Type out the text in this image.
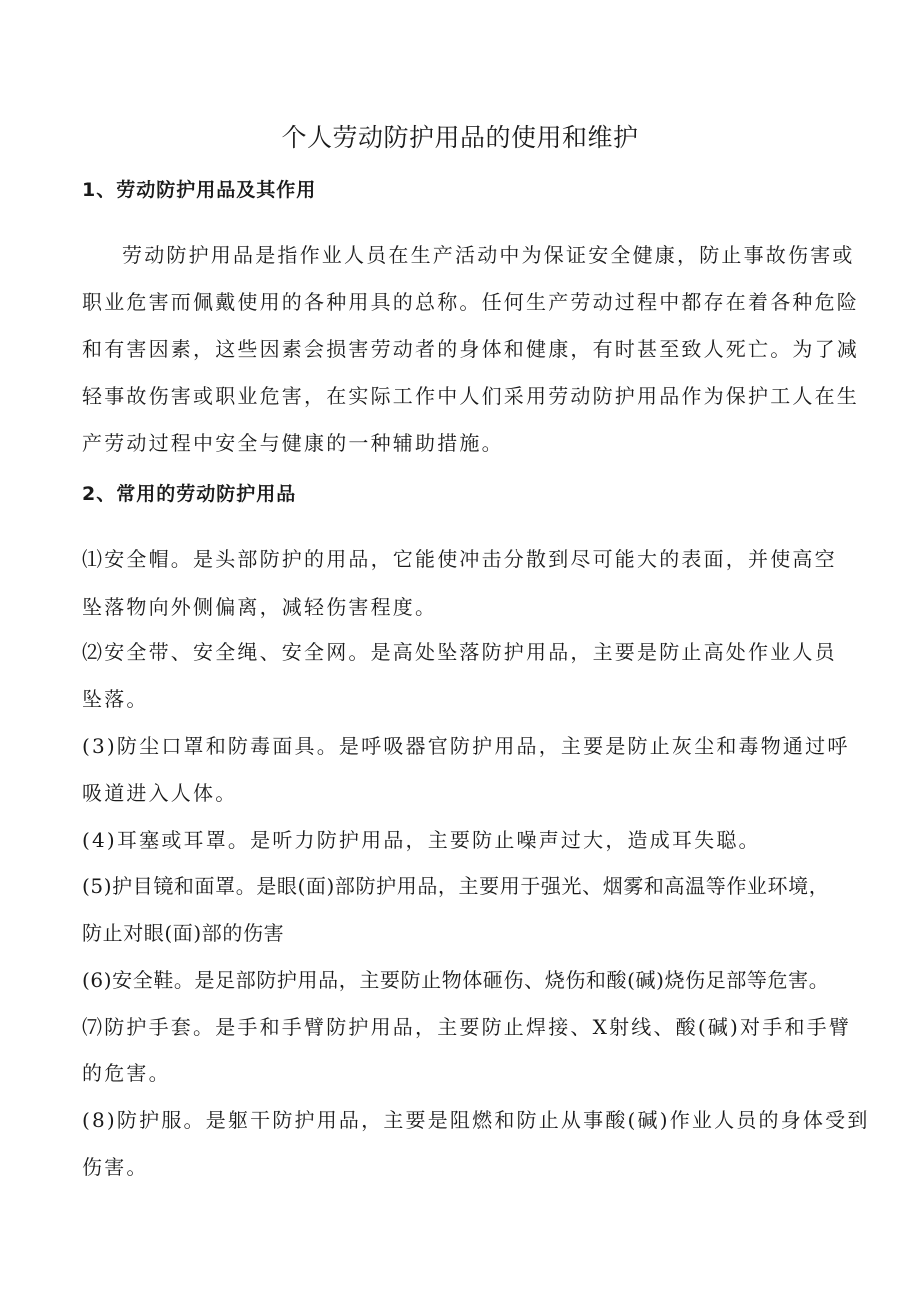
个人劳动防护用品的使用和维护
1、劳动防护用品及其作用
劳动防护用品是指作业人员在生产活动中为保证安全健康，防止事故伤害或
职业危害而佩戴使用的各种用具的总称。任何生产劳动过程中都存在着各种危险
和有害因素，这些因素会损害劳动者的身体和健康，有时甚至致人死亡。为了减
轻事故伤害或职业危害，在实际工作中人们采用劳动防护用品作为保护工人在生
产劳动过程中安全与健康的一种辅助措施。
2、常用的劳动防护用品
⑴安全帽。是头部防护的用品，它能使冲击分散到尽可能大的表面，并使高空
坠落物向外侧偏离，减轻伤害程度。
⑵安全带、安全绳、安全网。是高处坠落防护用品，主要是防止高处作业人员
坠落。
(3)防尘口罩和防毒面具。是呼吸器官防护用品，主要是防止灰尘和毒物通过呼
吸道进入人体。
(4)耳塞或耳罩。是听力防护用品，主要防止噪声过大，造成耳失聪。
(5)护目镜和面罩。是眼(面)部防护用品，主要用于强光、烟雾和高温等作业环境，
防止对眼(面)部的伤害
(6)安全鞋。是足部防护用品，主要防止物体砸伤、烧伤和酸(碱)烧伤足部等危害。
⑺防护手套。是手和手臂防护用品，主要防止焊接、X射线、酸(碱)对手和手臂
的危害。
(8)防护服。是躯干防护用品，主要是阻燃和防止从事酸(碱)作业人员的身体受到
伤害。
